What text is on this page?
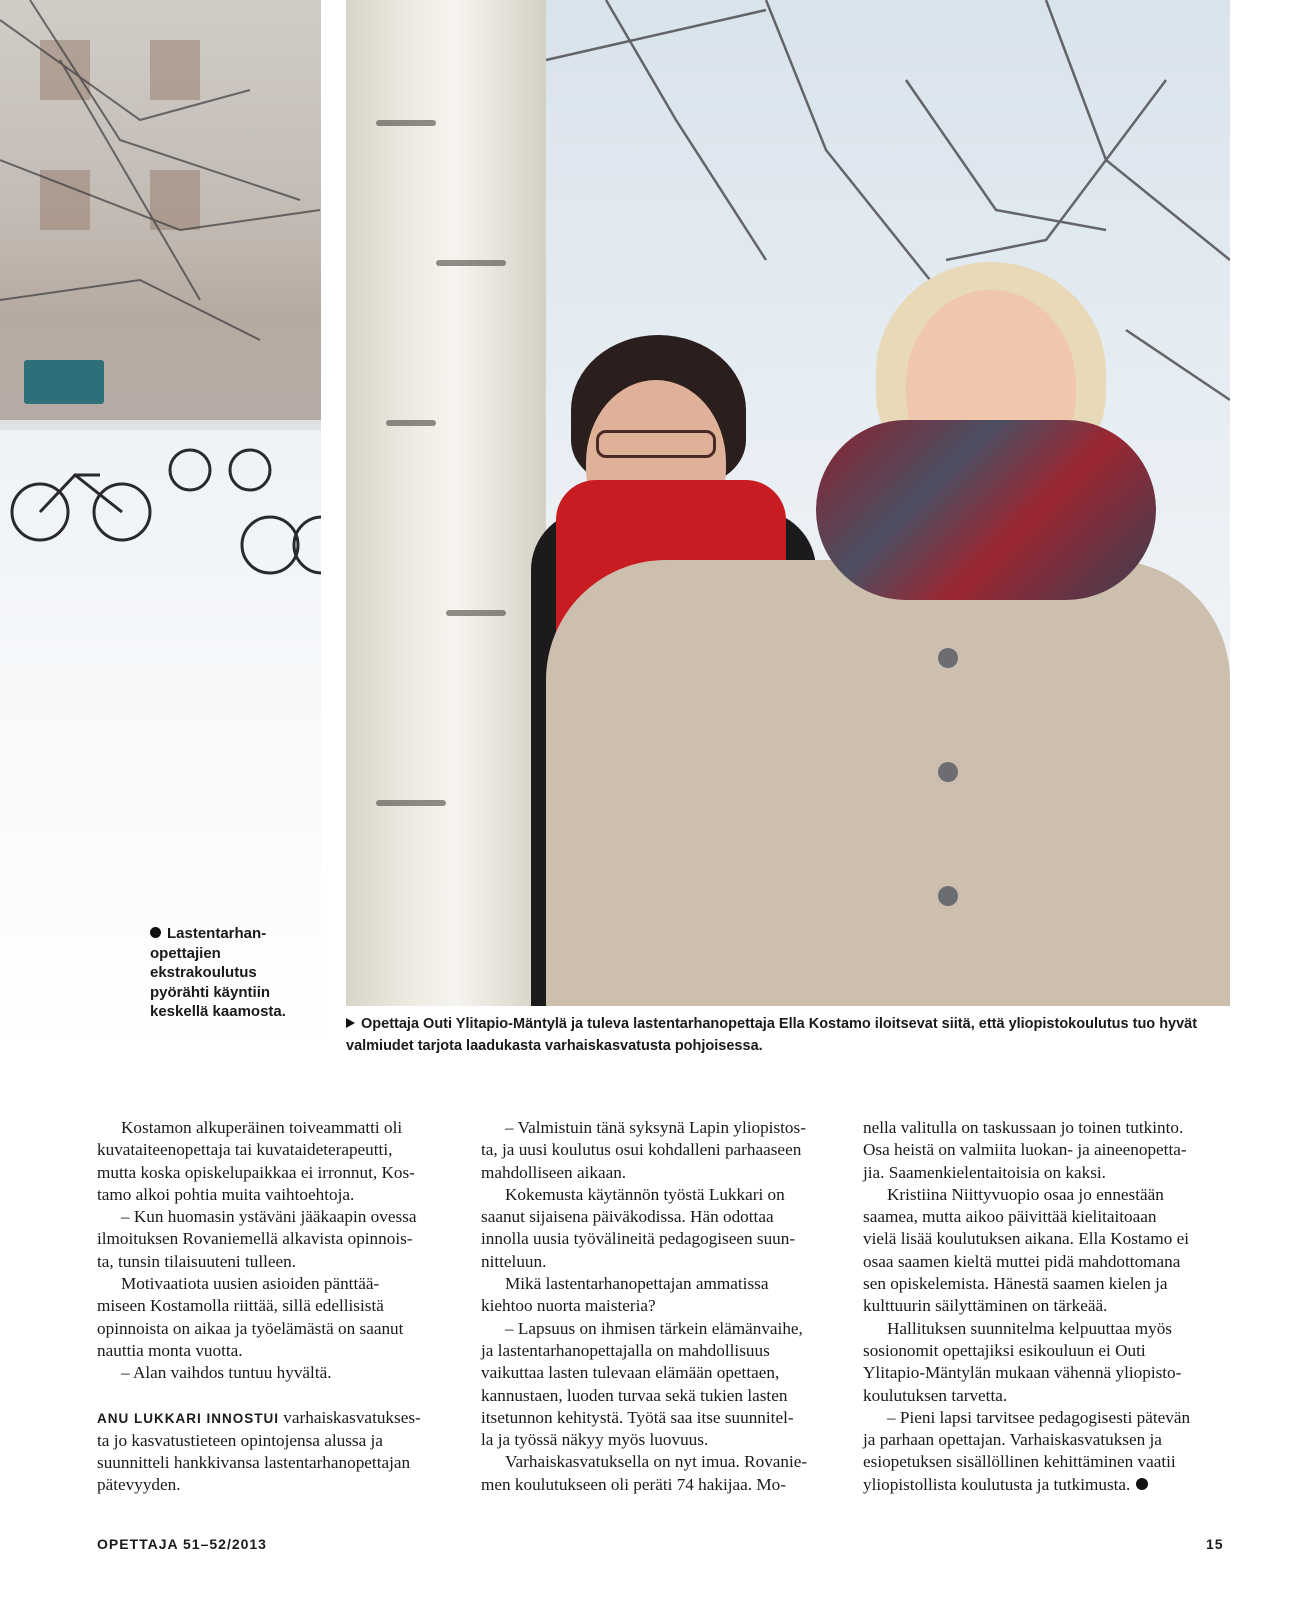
Lastentarhan-
opettajien
ekstrakoulutus
pyörähti käyntiin
keskellä kaamosta.
Opettaja Outi Ylitapio-Mäntylä ja tuleva lastentarhanopettaja Ella Kostamo iloitsevat siitä, että yliopistokoulutus tuo hyvät valmiudet tarjota laadukasta varhaiskasvatusta pohjoisessa.

Kostamon alkuperäinen toiveammatti oli
kuvataiteenopettaja tai kuvataideterapeutti,
mutta koska opiskelupaikkaa ei irronnut, Kos-
tamo alkoi pohtia muita vaihtoehtoja.

– Kun huomasin ystäväni jääkaapin ovessa
ilmoituksen Rovaniemellä alkavista opinnois-
ta, tunsin tilaisuuteni tulleen.

Motivaatiota uusien asioiden pänttää-
miseen Kostamolla riittää, sillä edellisistä
opinnoista on aikaa ja työelämästä on saanut
nauttia monta vuotta.

– Alan vaihdos tuntuu hyvältä.

ANU LUKKARI INNOSTUI varhaiskasvatukses-
ta jo kasvatustieteen opintojensa alussa ja
suunnitteli hankkivansa lastentarhanopettajan
pätevyyden.

– Valmistuin tänä syksynä Lapin yliopistos-
ta, ja uusi koulutus osui kohdalleni parhaaseen
mahdolliseen aikaan.

Kokemusta käytännön työstä Lukkari on
saanut sijaisena päiväkodissa. Hän odottaa
innolla uusia työvälineitä pedagogiseen suun-
nitteluun.

Mikä lastentarhanopettajan ammatissa
kiehtoo nuorta maisteria?

– Lapsuus on ihmisen tärkein elämänvaihe,
ja lastentarhanopettajalla on mahdollisuus
vaikuttaa lasten tulevaan elämään opettaen,
kannustaen, luoden turvaa sekä tukien lasten
itsetunnon kehitystä. Työtä saa itse suunnitel-
la ja työssä näkyy myös luovuus.

Varhaiskasvatuksella on nyt imua. Rovanie-
men koulutukseen oli peräti 74 hakijaa. Mo-

nella valitulla on taskussaan jo toinen tutkinto.
Osa heistä on valmiita luokan- ja aineenopetta-
jia. Saamenkielentaitoisia on kaksi.

Kristiina Niittyvuopio osaa jo ennestään
saamea, mutta aikoo päivittää kielitaitoaan
vielä lisää koulutuksen aikana. Ella Kostamo ei
osaa saamen kieltä muttei pidä mahdottomana
sen opiskelemista. Hänestä saamen kielen ja
kulttuurin säilyttäminen on tärkeää.

Hallituksen suunnitelma kelpuuttaa myös
sosionomit opettajiksi esikouluun ei Outi
Ylitapio-Mäntylän mukaan vähennä yliopisto-
koulutuksen tarvetta.

– Pieni lapsi tarvitsee pedagogisesti pätevän
ja parhaan opettajan. Varhaiskasvatuksen ja
esiopetuksen sisällöllinen kehittäminen vaatii
yliopistollista koulutusta ja tutkimusta.

OPETTAJA 51–52/2013	15
